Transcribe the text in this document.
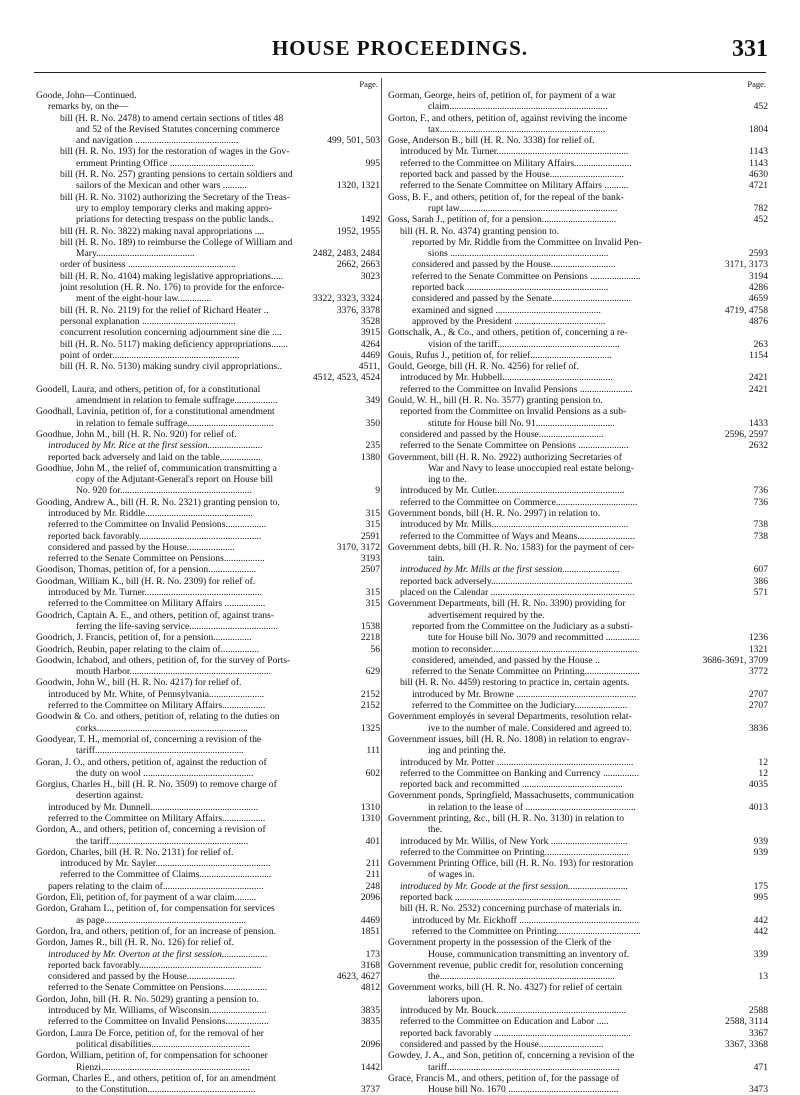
HOUSE PROCEEDINGS.	331
Page.
Goode, John—Continued.
remarks by, on the—
bill (H. R. No. 2478) to amend certain sections of titles 48
and 52 of the Revised Statutes concerning commerce
and navigation ...........................................	499, 501, 503
bill (H. R. No. 193) for the restoration of wages in the Gov-
ernment Printing Office ...................................	995
bill (H. R. No. 257) granting pensions to certain soldiers and
sailors of the Mexican and other wars ..........	1320, 1321
bill (H. R. No. 3102) authorizing the Secretary of the Treas-
ury to employ temporary clerks and making appro-
priations for detecting trespass on the public lands..	1492
bill (H. R. No. 3822) making naval appropriations ....	1952, 1955
bill (H. R. No. 189) to reimburse the College of William and
Mary.........................................	2482, 2483, 2484
order of business .............................................	2662, 2663
bill (H. R. No. 4104) making legislative appropriations.....	3023
joint resolution (H. R. No. 176) to provide for the enforce-
ment of the eight-hour law..............	3322, 3323, 3324
bill (H. R. No. 2119) for the relief of Richard Heater ..	3376, 3378
personal explanation .......................................	3528
concurrent resolution concerning adjournment sine die ....	3915
bill (H. R. No. 5117) making deficiency appropriations.......	4264
point of order.....................................................	4469
bill (H. R. No. 5130) making sundry civil appropriations..	4511,
4512, 4523, 4524
Goodell, Laura, and others, petition of, for a constitutional
amendment in relation to female suffrage..................	349
Goodhall, Lavinia, petition of, for a constitutional amendment
in relation to female suffrage....................................	350
Goodhue, John M., bill (H. R. No. 920) for relief of.
introduced by Mr. Rice at the first session.......................	235
reported back adversely and laid on the table.................	1380
Goodhue, John M., the relief of, communication transmitting a
copy of the Adjutant-General's report on House bill
No. 920 for.......................................................	9
Gooding, Andrew A., bill (H. R. No. 2321) granting pension to.
introduced by Mr. Riddle.............................................	315
referred to the Committee on Invalid Pensions.................	315
reported back favorably...................................................	2591
considered and passed by the House....................	3170, 3172
referred to the Senate Committee on Pensions.................	3193
Goodison, Thomas, petition of, for a pension....................	2507
Goodman, William K., bill (H. R. No. 2309) for relief of.
introduced by Mr. Turner.................................................	315
referred to the Committee on Military Affairs .................	315
Goodrich, Captain A. E., and others, petition of, against trans-
ferring the life-saving service.....................................	1538
Goodrich, J. Francis, petition of, for a pension................	2218
Goodrich, Reubin, paper relating to the claim of................	56
Goodwin, Ichabod, and others, petition of, for the survey of Ports-
mouth Harbor...........................................................	629
Goodwin, John W., bill (H. R. No. 4217) for relief of.
introduced by Mr. White, of Pennsylvania.......................	2152
referred to the Committee on Military Affairs..................	2152
Goodwin & Co. and others, petition of, relating to the duties on
corks...............................................................	1325
Goodyear, T. H., memorial of, concerning a revision of the
tariff..............................................................	111
Goran, J. O., and others, petition of, against the reduction of
the duty on wool ..............................................	602
Gorgius, Charles H., bill (H. R. No. 3509) to remove charge of
desertion against.
introduced by Mr. Dunnell.............................................	1310
referred to the Committee on Military Affairs..................	1310
Gordon, A., and others, petition of, concerning a revision of
the tariff..........................................................	401
Gordon, Charles, bill (H. R. No. 2131) for relief of.
introduced by Mr. Sayler................................................	211
referred to the Committee of Claims..............................	211
papers relating to the claim of..........................................	248
Gordon, Eli, petition of, for payment of a war claim.........	2096
Gordon, Graham L., petition of, for compensation for services
as page...........................................................	4469
Gordon, Ira, and others, petition of, for an increase of pension.	1851
Gordon, James R., bill (H. R. No. 126) for relief of.
introduced by Mr. Overton at the first session...................	173
reported back favorably...................................................	3168
considered and passed by the House....................	4623, 4627
referred to the Senate Committee on Pensions..................	4812
Gordon, John, bill (H. R. No. 5029) granting a pension to.
introduced by Mr. Williams, of Wisconsin........................	3835
referred to the Committee on Invalid Pensions..................	3835
Gordon, Laura De Force, petition of, for the removal of her
political disabilities.........................................	2096
Gordon, William, petition of, for compensation for schooner
Rienzi..............................................................	1442
Gorman, Charles E., and others, petition of, for an amendment
to the Constitution.............................................	3737
Page.
Gorman, George, heirs of, petition of, for payment of a war
claim..................................................................	452
Gorton, F., and others, petition of, against reviving the income
tax.....................................................................	1804
Gose, Anderson B., bill (H. R. No. 3338) for relief of.
introduced by Mr. Turner.......................................................	1143
referred to the Committee on Military Affairs........................	1143
reported back and passed by the House...............................	4630
referred to the Senate Committee on Military Affairs ..........	4721
Goss, B. F., and others, petition of, for the repeal of the bank-
rupt law..................................................................	782
Goss, Sarah J., petition of, for a pension...............................	452
bill (H. R. No. 4374) granting pension to.
reported by Mr. Riddle from the Committee on Invalid Pen-
sions ..................................................................	2593
considered and passed by the House...........................	3171, 3173
referred to the Senate Committee on Pensions .....................	3194
reported back ...........................................................	4286
considered and passed by the Senate.................................	4659
examined and signed ............................................	4719, 4758
approved by the President ......................................	4876
Gottschalk, A., & Co., and others, petition of, concerning a re-
vision of the tariff...................................................	263
Gouis, Rufus J., petition of, for relief..................................	1154
Gould, George, bill (H. R. No. 4256) for relief of.
introduced by Mr. Hubbell..............................................	2421
referred to the Committee on Invalid Pensions ......................	2421
Gould, W. H., bill (H. R. No. 3577) granting pension to.
reported from the Committee on Invalid Pensions as a sub-
stitute for House bill No. 91.................................	1433
considered and passed by the House...........................	2596, 2597
referred to the Senate Committee on Pensions .....................	2632
Government, bill (H. R. No. 2922) authorizing Secretaries of
War and Navy to lease unoccupied real estate belong-
ing to the.
introduced by Mr. Cutler......................................................	736
referred to the Committee on Commerce..................................	736
Government bonds, bill (H. R. No. 2997) in relation to.
introduced by Mr. Mills.........................................................	738
referred to the Committee of Ways and Means........................	738
Government debts, bill (H. R. No. 1583) for the payment of cer-
tain.
introduced by Mr. Mills at the first session........................	607
reported back adversely...........................................................	386
placed on the Calendar ............................................................	571
Government Departments, bill (H. R. No. 3390) providing for
advertisement required by the.
reported from the Committee on the Judiciary as a substi-
tute for House bill No. 3079 and recommitted ..............	1236
motion to reconsider.............................................................	1321
considered, amended, and passed by the House ..	3686-3691, 3709
referred to the Senate Committee on Printing.......................	3772
bill (H. R. No. 4459) restoring to practice in, certain agents.
introduced by Mr. Browne ..................................................	2707
referred to the Committee on the Judiciary......................	2707
Government employés in several Departments, resolution relat-
ive to the number of male. Considered and agreed to.	3836
Government issues, bill (H. R. No. 1808) in relation to engrav-
ing and printing the.
introduced by Mr. Potter .........................................................	12
referred to the Committee on Banking and Currency ...............	12
reported back and recommitted ..........................................	4035
Government ponds, Springfield, Massachusetts, communication
in relation to the lease of ..............................................	4013
Government printing, &c., bill (H. R. No. 3130) in relation to
the.
introduced by Mr. Willis, of New York ................................	939
referred to the Committee on Printing...................................	939
Government Printing Office, bill (H. R. No. 193) for restoration
of wages in.
introduced by Mr. Goode at the first session.........................	175
reported back .....................................................................	995
bill (H. R. No. 2532) concerning purchase of materials in.
introduced by Mr. Eickhoff ..................................................	442
referred to the Committee on Printing...................................	442
Government property in the possession of the Clerk of the
House, communication transmitting an inventory of.	339
Government revenue, public credit for, resolution concerning
the.........................................................................	13
Government works, bill (H. R. No. 4327) for relief of certain
laborers upon.
introduced by Mr. Bouck......................................................	2588
referred to the Committee on Education and Labor .....	2588, 3114
reported back favorably .........................................................	3367
considered and passed by the House...........................	3367, 3368
Gowdey, J. A., and Son, petition of, concerning a revision of the
tariff........................................................................	471
Grace, Francis M., and others, petition of, for the passage of
House bill No. 1670 ..............................................	3473
